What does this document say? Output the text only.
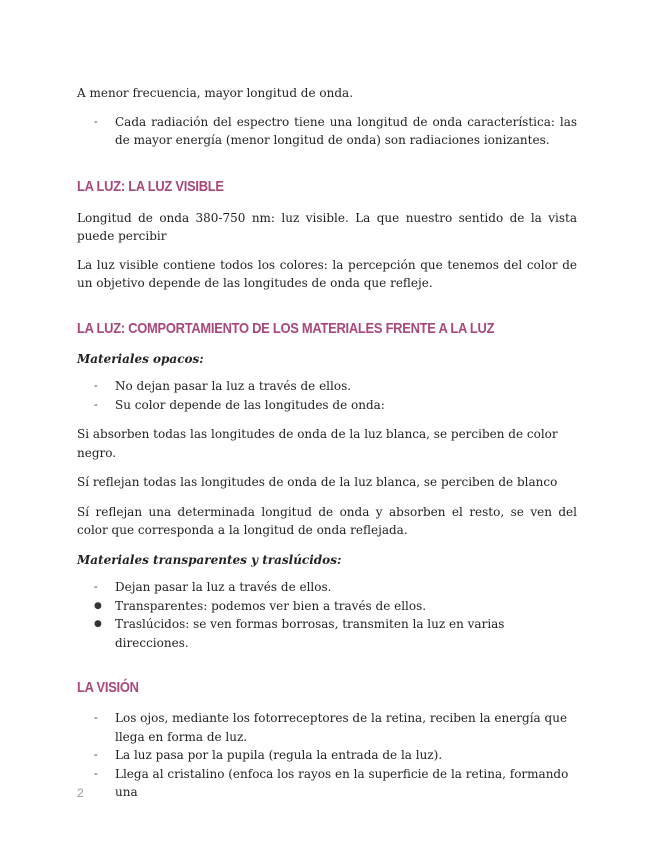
A menor frecuencia, mayor longitud de onda.

- Cada radiación del espectro tiene una longitud de onda característica: las de mayor energía (menor longitud de onda) son radiaciones ionizantes.
LA LUZ: LA LUZ VISIBLE

Longitud de onda 380-750 nm: luz visible. La que nuestro sentido de la vista puede percibir

La luz visible contiene todos los colores: la percepción que tenemos del color de un objetivo depende de las longitudes de onda que refleje.

LA LUZ: COMPORTAMIENTO DE LOS MATERIALES FRENTE A LA LUZ

Materiales opacos:

- No dejan pasar la luz a través de ellos.
- Su color depende de las longitudes de onda:

Si absorben todas las longitudes de onda de la luz blanca, se perciben de color negro.

Sí reflejan todas las longitudes de onda de la luz blanca, se perciben de blanco

Sí reflejan una determinada longitud de onda y absorben el resto, se ven del color que corresponda a la longitud de onda reflejada.

Materiales transparentes y traslúcidos:

- Dejan pasar la luz a través de ellos.
● Transparentes: podemos ver bien a través de ellos.
● Traslúcidos: se ven formas borrosas, transmiten la luz en varias direcciones.
LA VISIÓN
- Los ojos, mediante los fotorreceptores de la retina, reciben la energía que llega en forma de luz.
- La luz pasa por la pupila (regula la entrada de la luz).
- Llega al cristalino (enfoca los rayos en la superficie de la retina, formando una
2
